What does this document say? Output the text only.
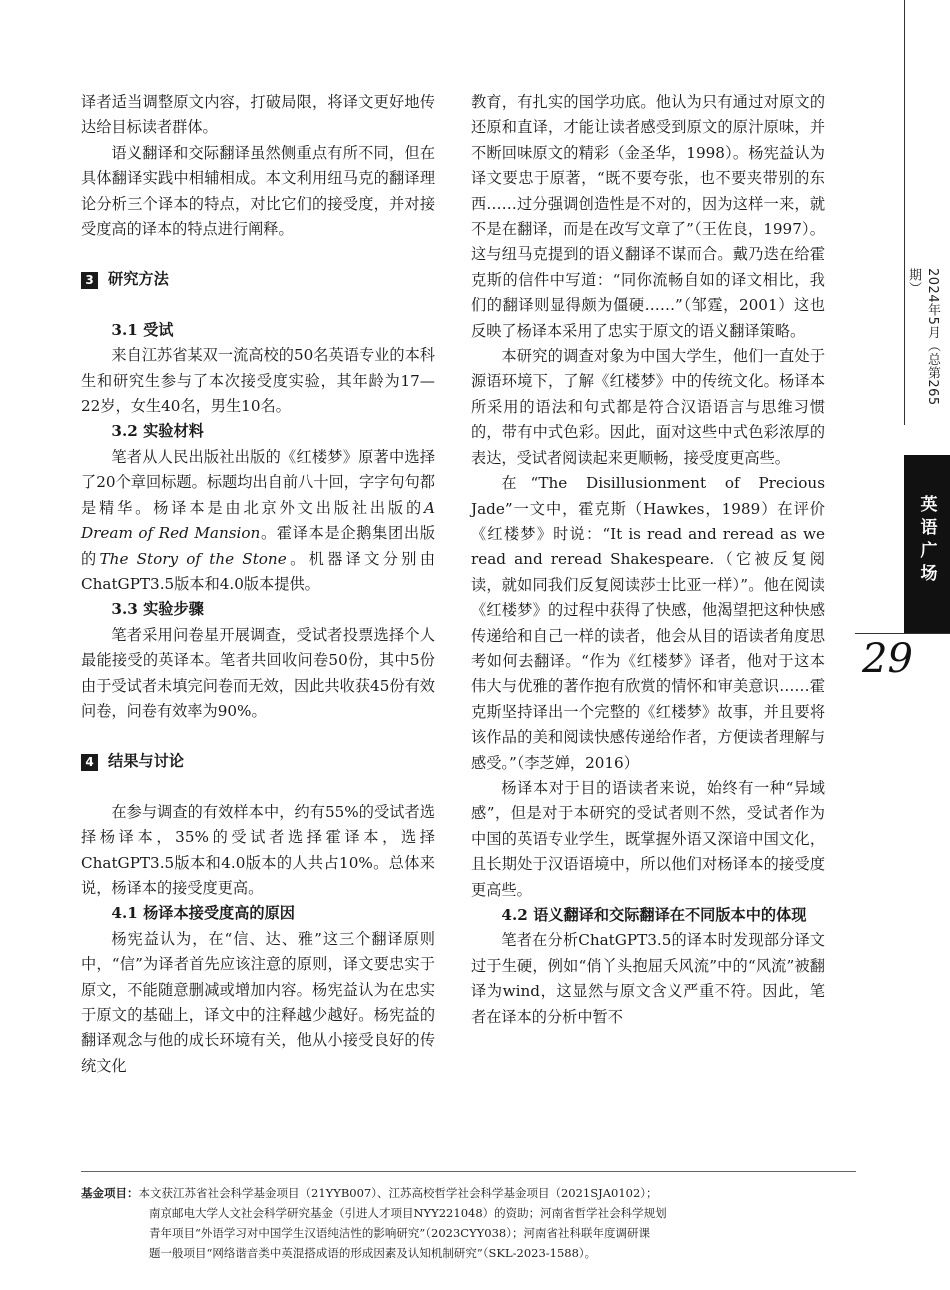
译者适当调整原文内容，打破局限，将译文更好地传达给目标读者群体。

语义翻译和交际翻译虽然侧重点有所不同，但在具体翻译实践中相辅相成。本文利用纽马克的翻译理论分析三个译本的特点，对比它们的接受度，并对接受度高的译本的特点进行阐释。

3 研究方法

3.1 受试

来自江苏省某双一流高校的50名英语专业的本科生和研究生参与了本次接受度实验，其年龄为17—22岁，女生40名，男生10名。

3.2 实验材料

笔者从人民出版社出版的《红楼梦》原著中选择了20个章回标题。标题均出自前八十回，字字句句都是精华。杨译本是由北京外文出版社出版的A Dream of Red Mansion。霍译本是企鹅集团出版的The Story of the Stone。机器译文分别由ChatGPT3.5版本和4.0版本提供。

3.3 实验步骤

笔者采用问卷星开展调查，受试者投票选择个人最能接受的英译本。笔者共回收问卷50份，其中5份由于受试者未填完问卷而无效，因此共收获45份有效问卷，问卷有效率为90%。

4 结果与讨论

在参与调查的有效样本中，约有55%的受试者选择杨译本，35%的受试者选择霍译本，选择ChatGPT3.5版本和4.0版本的人共占10%。总体来说，杨译本的接受度更高。

4.1 杨译本接受度高的原因

杨宪益认为，在“信、达、雅”这三个翻译原则中，“信”为译者首先应该注意的原则，译文要忠实于原文，不能随意删减或增加内容。杨宪益认为在忠实于原文的基础上，译文中的注释越少越好。杨宪益的翻译观念与他的成长环境有关，他从小接受良好的传统文化

教育，有扎实的国学功底。他认为只有通过对原文的还原和直译，才能让读者感受到原文的原汁原味，并不断回味原文的精彩（金圣华，1998）。杨宪益认为译文要忠于原著，“既不要夸张，也不要夹带别的东西……过分强调创造性是不对的，因为这样一来，就不是在翻译，而是在改写文章了”（王佐良，1997）。这与纽马克提到的语义翻译不谋而合。戴乃迭在给霍克斯的信件中写道：“同你流畅自如的译文相比，我们的翻译则显得颇为僵硬……”（邹霆，2001）这也反映了杨译本采用了忠实于原文的语义翻译策略。

本研究的调查对象为中国大学生，他们一直处于源语环境下，了解《红楼梦》中的传统文化。杨译本所采用的语法和句式都是符合汉语语言与思维习惯的，带有中式色彩。因此，面对这些中式色彩浓厚的表达，受试者阅读起来更顺畅，接受度更高些。

在“The Disillusionment of Precious Jade”一文中，霍克斯（Hawkes，1989）在评价《红楼梦》时说：“It is read and reread as we read and reread Shakespeare.（它被反复阅读，就如同我们反复阅读莎士比亚一样）”。他在阅读《红楼梦》的过程中获得了快感，他渴望把这种快感传递给和自己一样的读者，他会从目的语读者角度思考如何去翻译。“作为《红楼梦》译者，他对于这本伟大与优雅的著作抱有欣赏的情怀和审美意识……霍克斯坚持译出一个完整的《红楼梦》故事，并且要将该作品的美和阅读快感传递给作者，方便读者理解与感受。”（李芝婵，2016）

杨译本对于目的语读者来说，始终有一种“异域感”，但是对于本研究的受试者则不然，受试者作为中国的英语专业学生，既掌握外语又深谙中国文化，且长期处于汉语语境中，所以他们对杨译本的接受度更高些。

4.2 语义翻译和交际翻译在不同版本中的体现

笔者在分析ChatGPT3.5的译本时发现部分译文过于生硬，例如“俏丫头抱屈夭风流”中的“风流”被翻译为wind，这显然与原文含义严重不符。因此，笔者在译本的分析中暂不

2024年5月（总第265期）
英语广场
29
基金项目：本文获江苏省社会科学基金项目（21YYB007）、江苏高校哲学社会科学基金项目（2021SJA0102）；
南京邮电大学人文社会科学研究基金（引进人才项目NYY221048）的资助；河南省哲学社会科学规划
青年项目“外语学习对中国学生汉语纯洁性的影响研究”（2023CYY038）；河南省社科联年度调研课
题一般项目“网络谐音类中英混搭成语的形成因素及认知机制研究”（SKL-2023-1588）。
